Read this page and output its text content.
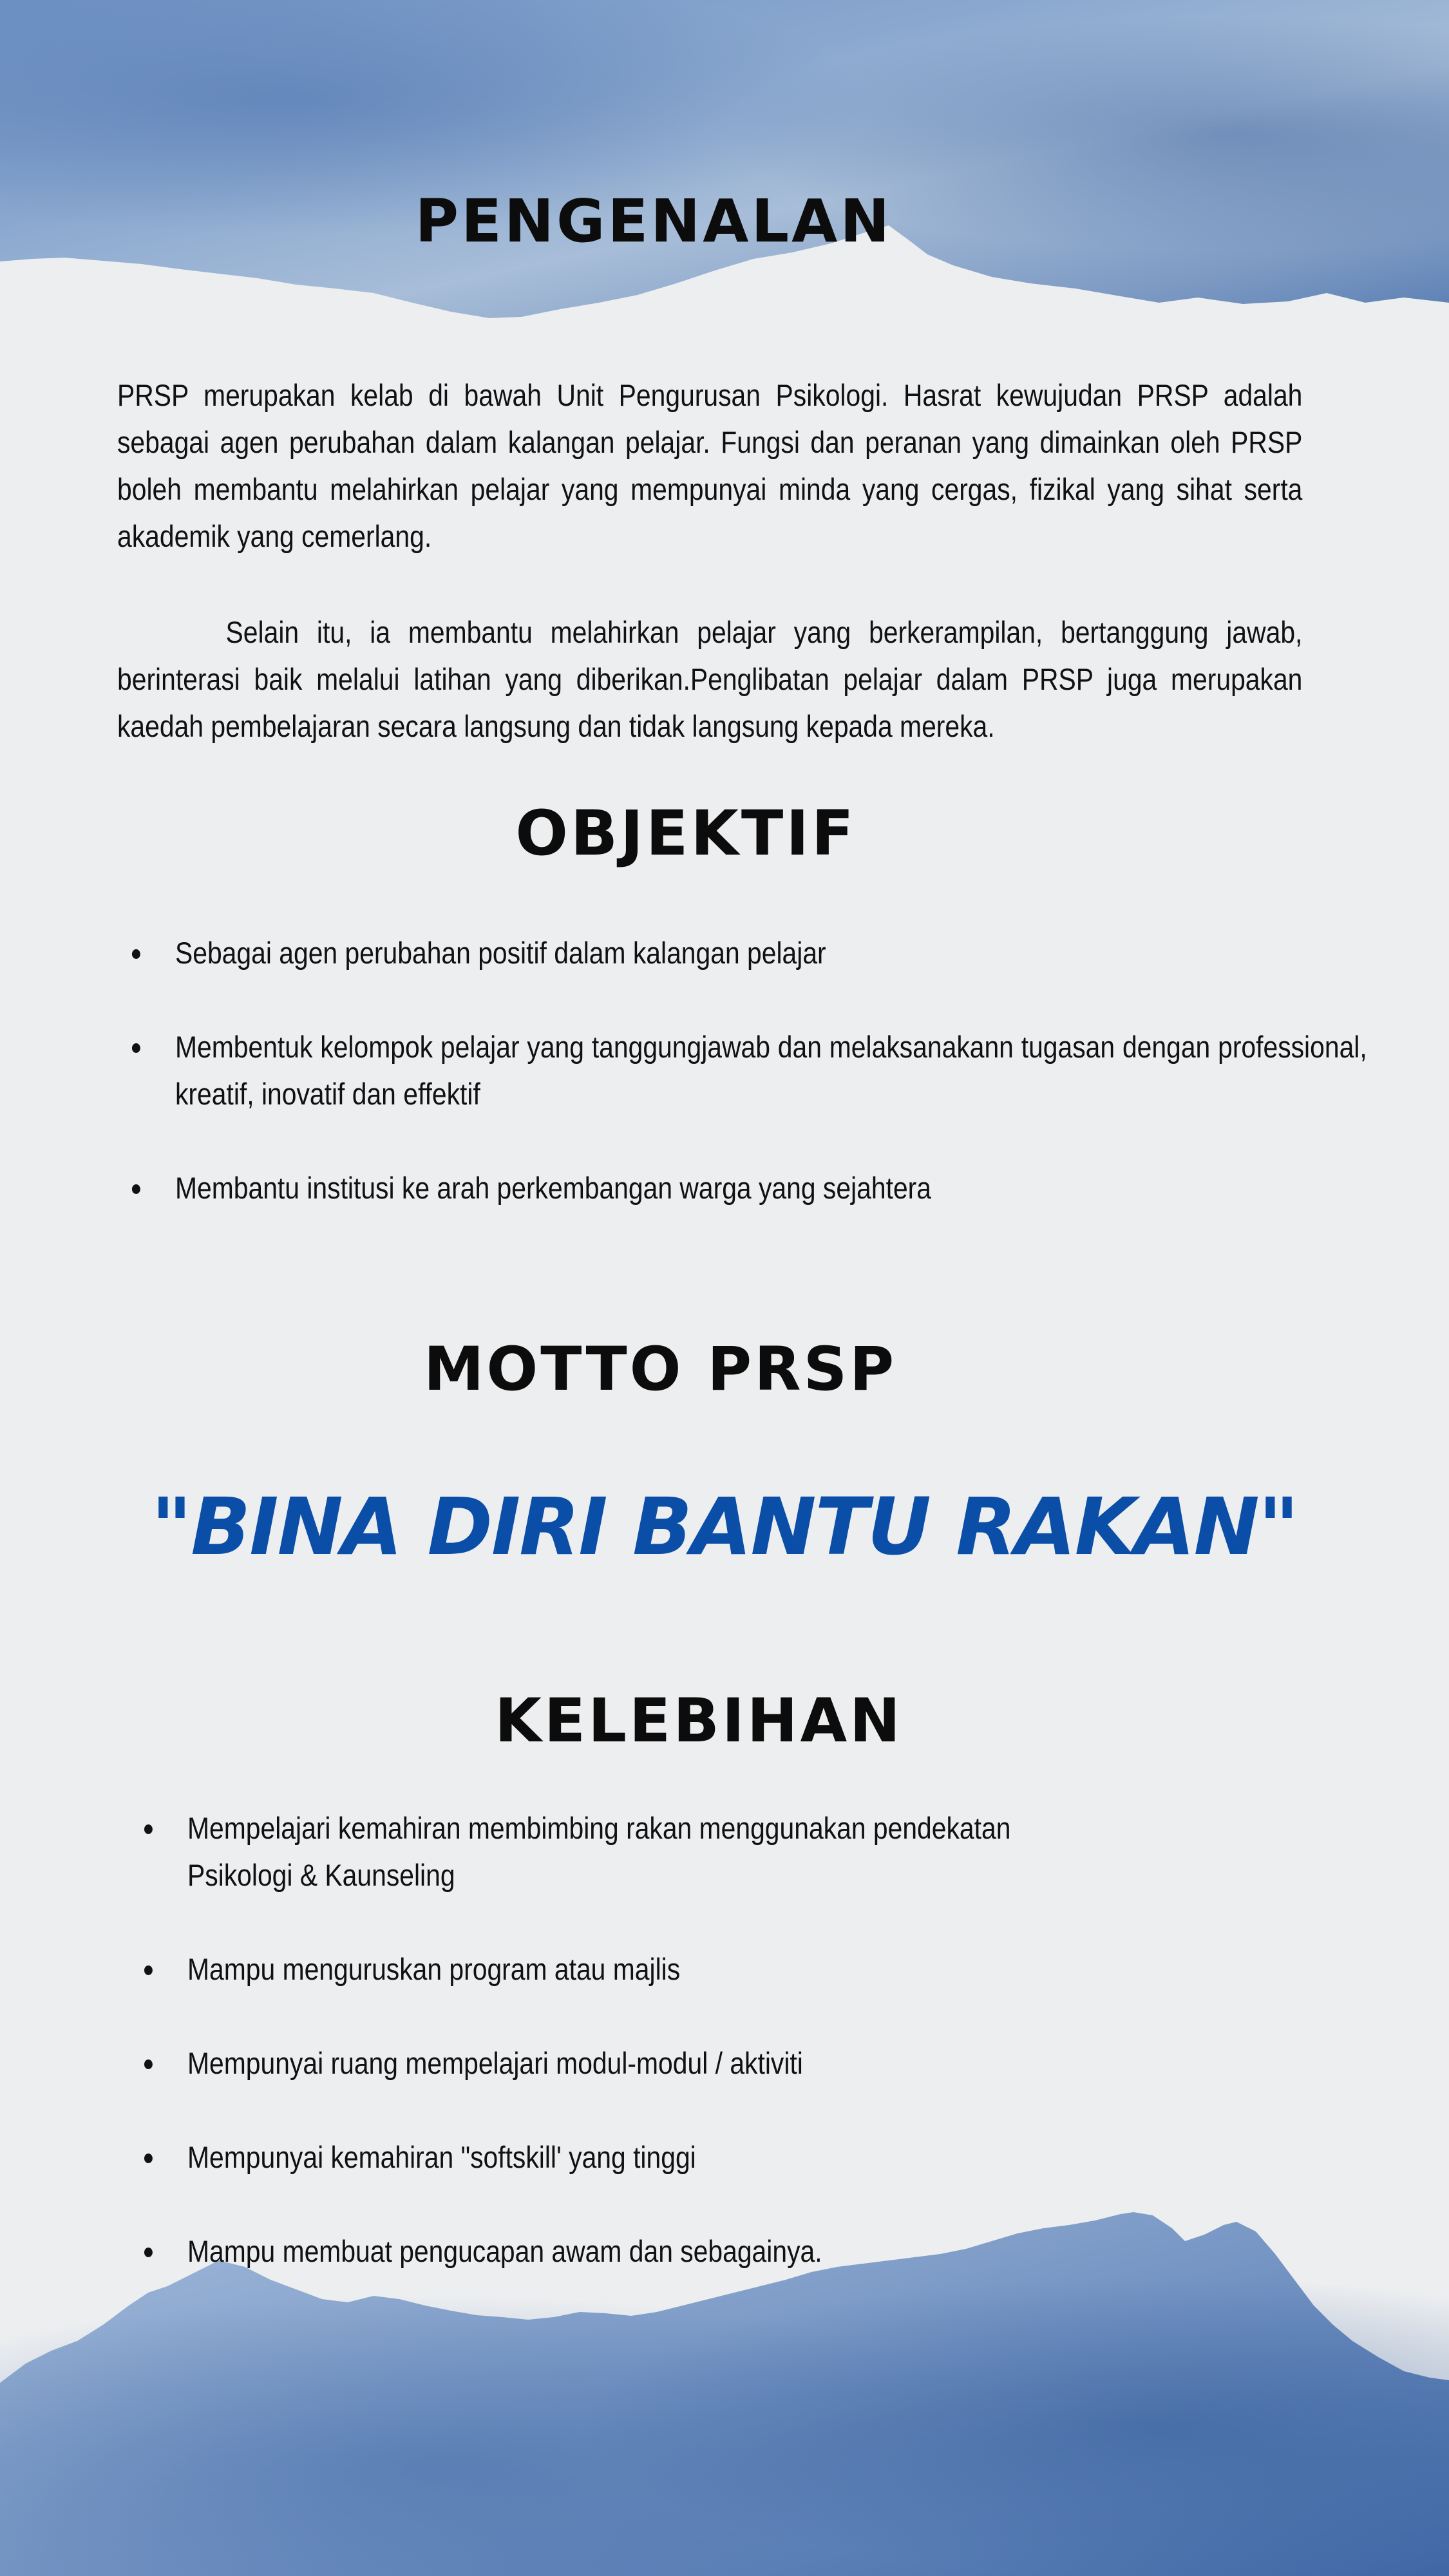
PENGENALAN

PRSP merupakan kelab di bawah Unit Pengurusan Psikologi. Hasrat kewujudan PRSP adalah sebagai agen perubahan dalam kalangan pelajar. Fungsi dan peranan yang dimainkan oleh PRSP boleh membantu melahirkan pelajar yang mempunyai minda yang cergas, fizikal yang sihat serta akademik yang cemerlang.

Selain itu, ia membantu melahirkan pelajar yang berkerampilan, bertanggung jawab, berinterasi baik melalui latihan yang diberikan.Penglibatan pelajar dalam PRSP juga merupakan kaedah pembelajaran secara langsung dan tidak langsung kepada mereka.

OBJEKTIF
Sebagai agen perubahan positif dalam kalangan pelajar
Membentuk kelompok pelajar yang tanggungjawab dan melaksanakann tugasan dengan professional, kreatif, inovatif dan effektif
Membantu institusi ke arah perkembangan warga yang sejahtera
MOTTO PRSP

"BINA DIRI BANTU RAKAN"

KELEBIHAN
Mempelajari kemahiran membimbing rakan menggunakan pendekatan Psikologi & Kaunseling
Mampu menguruskan program atau majlis
Mempunyai ruang mempelajari modul-modul / aktiviti
Mempunyai kemahiran "softskill' yang tinggi
Mampu membuat pengucapan awam dan sebagainya.
